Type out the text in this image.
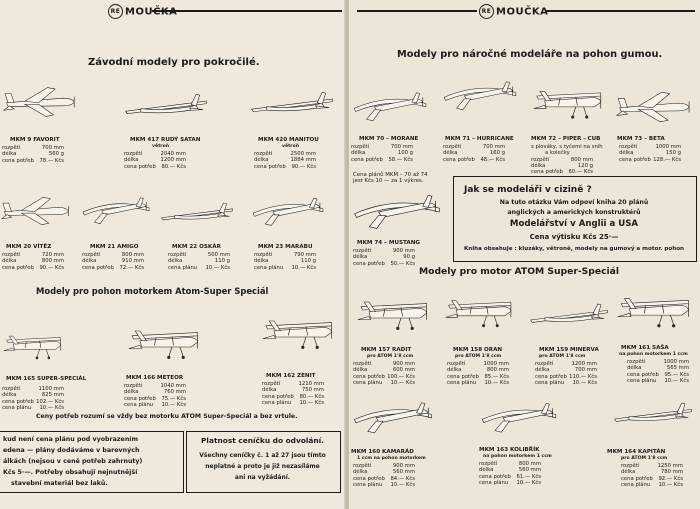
RE MOUČKA
Závodní modely pro pokročilé.
MKM 9 FAVORIT
rozpětí	700 mm
délka	560 g
cena potřeb 78.— Kčs
MKM 417 RUDÝ SATAN
větroň
rozpětí	2040 mm
délka	1200 mm
cena potřeb 80.— Kčs
MKM 420 MANITOU
větroň
rozpětí	2500 mm
délka	1884 mm
cena potřeb 90.— Kčs
MKM 20 VÍTĚZ
rozpětí	720 mm
délka	800 mm
cena potřeb 90.— Kčs
MKM 21 AMIGO
rozpětí	800 mm
délka	910 mm
cena potřeb 72.— Kčs
MKM 22 OSKÁR
rozpětí	500 mm
délka	110 g
cena plánu 10.— Kčs
MKM 23 MARABU
rozpětí	790 mm
délka	110 g
cena plánu 10.— Kčs
Modely pro pohon motorkem Atom-Super Speciál
MKM 165 SUPER-SPECIÁL
rozpětí	1100 mm
délka	825 mm
cena potřeb 102.— Kčs
cena plánu 10.— Kčs
MKM 166 METEOR
rozpětí	1040 mm
délka	760 mm
cena potřeb 75.— Kčs
cena plánu 10.— Kčs
MKM 162 ZENIT
rozpětí	1210 mm
délka	750 mm
cena potřeb 80.— Kčs
cena plánu 10.— Kčs
Ceny potřeb rozumí se vždy bez motorku ATOM Super-Speciál a bez vrtule.
kud není cena plánu pod vyobrazením
edena — plány dodáváme v barevných
álkách (nejsou v ceně potřeb zahrnuty)
Kčs 5·—. Potřeby obsahují nejnutnější
stavební materiál bez laků.
Platnost ceníčku do odvolání.
Všechny ceníčky č. 1 až 27 jsou tímto
neplatné a proto je již nezasíláme
ani na vyžádání.
RE MOUČKA
Modely pro náročné modeláře na pohon gumou.
MKM 70 – MORANE
rozpětí	700 mm
délka	100 g
cena potřeb 58.— Kčs
MKM 71 – HURRICANE
rozpětí	700 mm
délka	160 g
cena potřeb 48.— Kčs
MKM 72 – PIPER - CUB
s plováky, s tyčemi na sníh
a kolečky
rozpětí	800 mm
délka	120 g
cena potřeb 60.— Kčs
MKM 73 – BETA
rozpětí	1000 mm
délka	150 g
cena potřeb 128.— Kčs
Cena plánů MKM – 70 až 74
jest Kčs 10 — za 1 výkres.
MKM 74 – MUSTANG
rozpětí	900 mm
délka	90 g
cena potřeb 50.— Kčs
Jak se modeláři v cizině ?
Na tuto otázku Vám odpoví kniha 20 plánů
anglických a amerických konstruktérů
Modelářství v Anglii a USA
Cena výtisku Kčs 25·—
Kniha obsahuje : kluzáky, větroně, modely na gumový a motor. pohon
Modely pro motor ATOM Super-Speciál
MKM 157 RADIT
pro ATOM 1'8 ccm
rozpětí	900 mm
délka	600 mm
cena potřeb 100.— Kčs
cena plánu 10.— Kčs
MKM 158 ORAN
pro ATOM 1'8 ccm
rozpětí	1000 mm
délka	800 mm
cena potřeb 85.— Kčs
cena plánu 10.— Kčs
MKM 159 MINERVA
pro ATOM 1'8 ccm
rozpětí	1200 mm
délka	700 mm
cena potřeb 110.— Kčs
cena plánu 10.— Kčs
MKM 161 SAŠA
na pohon motorkem 1 ccm
rozpětí	1000 mm
délka	565 mm
cena potřeb 95.— Kčs
cena plánu 10.— Kčs
MKM 160 KAMARÁD
1 ccm na pohon motorkem
rozpětí	900 mm
délka	560 mm
cena potřeb 84.— Kčs
cena plánu 10.— Kčs
MKM 163 KOLIBŘÍK
na pohon motorkem 1 ccm
rozpětí	800 mm
délka	560 mm
cena potřeb 61.— Kčs
cena plánu 10.— Kčs
MKM 164 KAPITÁN
pro ATOM 1'8 ccm
rozpětí	1250 mm
délka	780 mm
cena potřeb 92.— Kčs
cena plánu 10.— Kčs
